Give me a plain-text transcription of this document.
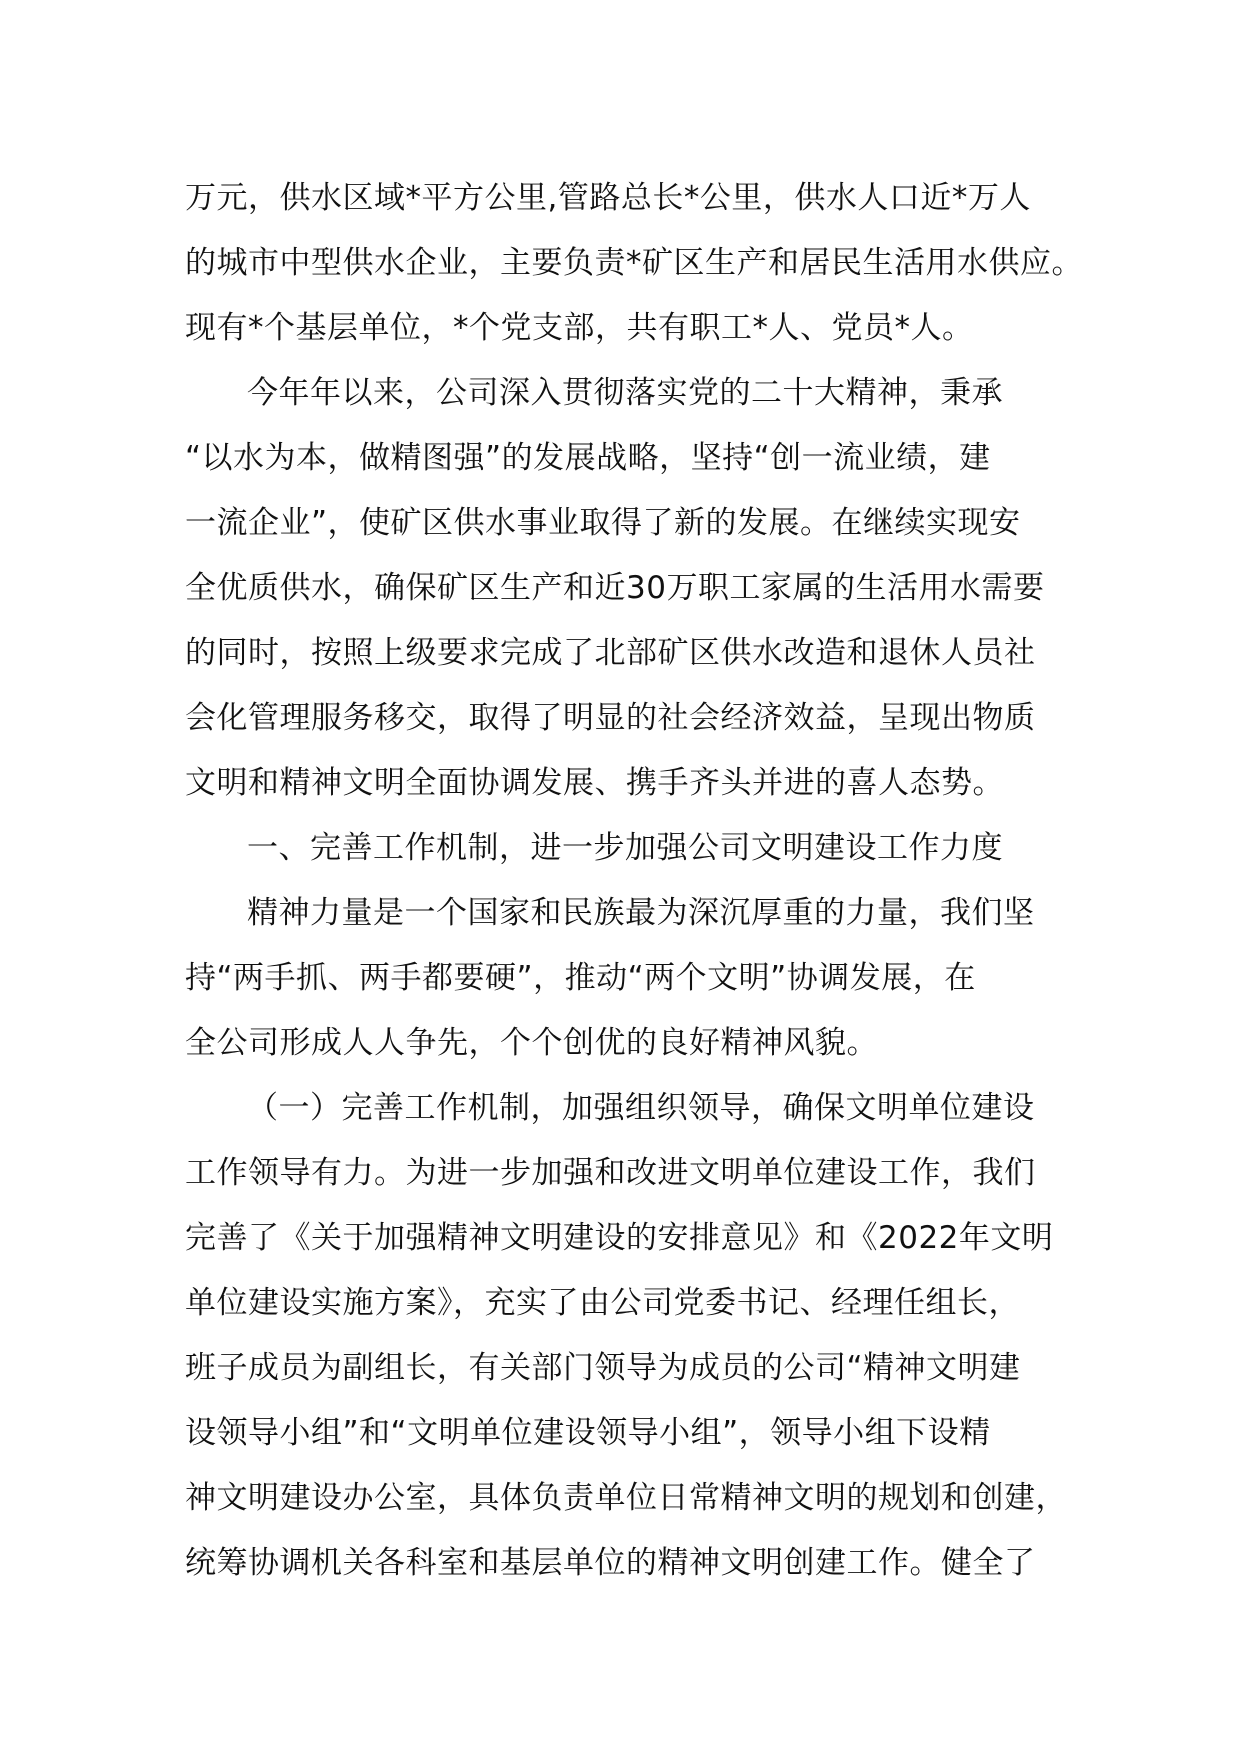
万元，供水区域*平方公里,管路总长*公里，供水人口近*万人
的城市中型供水企业，主要负责*矿区生产和居民生活用水供应。
现有*个基层单位，*个党支部，共有职工*人、党员*人。
今年年以来，公司深入贯彻落实党的二十大精神，秉承
“以水为本，做精图强”的发展战略，坚持“创一流业绩，建
一流企业”，使矿区供水事业取得了新的发展。在继续实现安
全优质供水，确保矿区生产和近30万职工家属的生活用水需要
的同时，按照上级要求完成了北部矿区供水改造和退休人员社
会化管理服务移交，取得了明显的社会经济效益，呈现出物质
文明和精神文明全面协调发展、携手齐头并进的喜人态势。
一、完善工作机制，进一步加强公司文明建设工作力度
精神力量是一个国家和民族最为深沉厚重的力量，我们坚
持“两手抓、两手都要硬”，推动“两个文明”协调发展，在
全公司形成人人争先，个个创优的良好精神风貌。
（一）完善工作机制，加强组织领导，确保文明单位建设
工作领导有力。为进一步加强和改进文明单位建设工作，我们
完善了《关于加强精神文明建设的安排意见》和《2022年文明
单位建设实施方案》，充实了由公司党委书记、经理任组长，
班子成员为副组长，有关部门领导为成员的公司“精神文明建
设领导小组”和“文明单位建设领导小组”，领导小组下设精
神文明建设办公室，具体负责单位日常精神文明的规划和创建，
统筹协调机关各科室和基层单位的精神文明创建工作。健全了
